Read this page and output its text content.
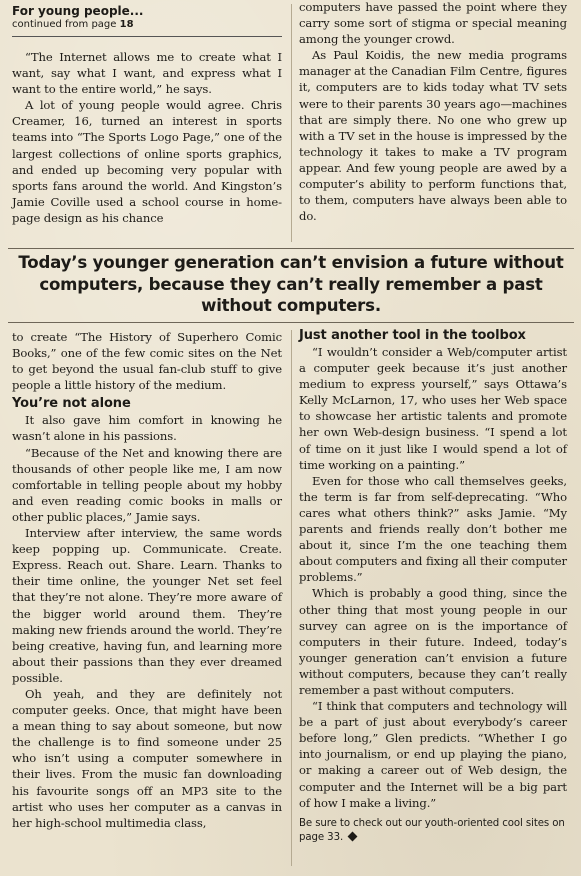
For young people...
continued from page 18

“The Internet allows me to create what I want, say what I want, and express what I want to the entire world,” he says.

A lot of young people would agree. Chris Creamer, 16, turned an interest in sports teams into “The Sports Logo Page,” one of the largest collections of online sports graphics, and ended up becoming very popular with sports fans around the world. And Kingston’s Jamie Coville used a school course in home-page design as his chance

computers have passed the point where they carry some sort of stigma or special meaning among the younger crowd.

As Paul Koidis, the new media programs manager at the Canadian Film Centre, figures it, computers are to kids today what TV sets were to their parents 30 years ago—machines that are simply there. No one who grew up with a TV set in the house is impressed by the technology it takes to make a TV program appear. And few young people are awed by a computer’s ability to perform functions that, to them, computers have always been able to do.

Today’s younger generation can’t envision a future without computers, because they can’t really remember a past without computers.

to create “The History of Superhero Comic Books,” one of the few comic sites on the Net to get beyond the usual fan-club stuff to give people a little history of the medium.

You’re not alone

It also gave him comfort in knowing he wasn’t alone in his passions.

“Because of the Net and knowing there are thousands of other people like me, I am now comfortable in telling people about my hobby and even reading comic books in malls or other public places,” Jamie says.

Interview after interview, the same words keep popping up. Communicate. Create. Express. Reach out. Share. Learn. Thanks to their time online, the younger Net set feel that they’re not alone. They’re more aware of the bigger world around them. They’re making new friends around the world. They’re being creative, having fun, and learning more about their passions than they ever dreamed possible.

Oh yeah, and they are definitely not computer geeks. Once, that might have been a mean thing to say about someone, but now the challenge is to find someone under 25 who isn’t using a computer somewhere in their lives. From the music fan downloading his favourite songs off an MP3 site to the artist who uses her computer as a canvas in her high-school multimedia class,

Just another tool in the toolbox

“I wouldn’t consider a Web/computer artist a computer geek because it’s just another medium to express yourself,” says Ottawa’s Kelly McLarnon, 17, who uses her Web space to showcase her artistic talents and promote her own Web-design business. “I spend a lot of time on it just like I would spend a lot of time working on a painting.”

Even for those who call themselves geeks, the term is far from self-deprecating. “Who cares what others think?” asks Jamie. “My parents and friends really don’t bother me about it, since I’m the one teaching them about computers and fixing all their computer problems.”

Which is probably a good thing, since the other thing that most young people in our survey can agree on is the importance of computers in their future. Indeed, today’s younger generation can’t envision a future without computers, because they can’t really remember a past without computers.

“I think that computers and technology will be a part of just about everybody’s career before long,” Glen predicts. “Whether I go into journalism, or end up playing the piano, or making a career out of Web design, the computer and the Internet will be a big part of how I make a living.”

Be sure to check out our youth-oriented cool sites on page 33.
